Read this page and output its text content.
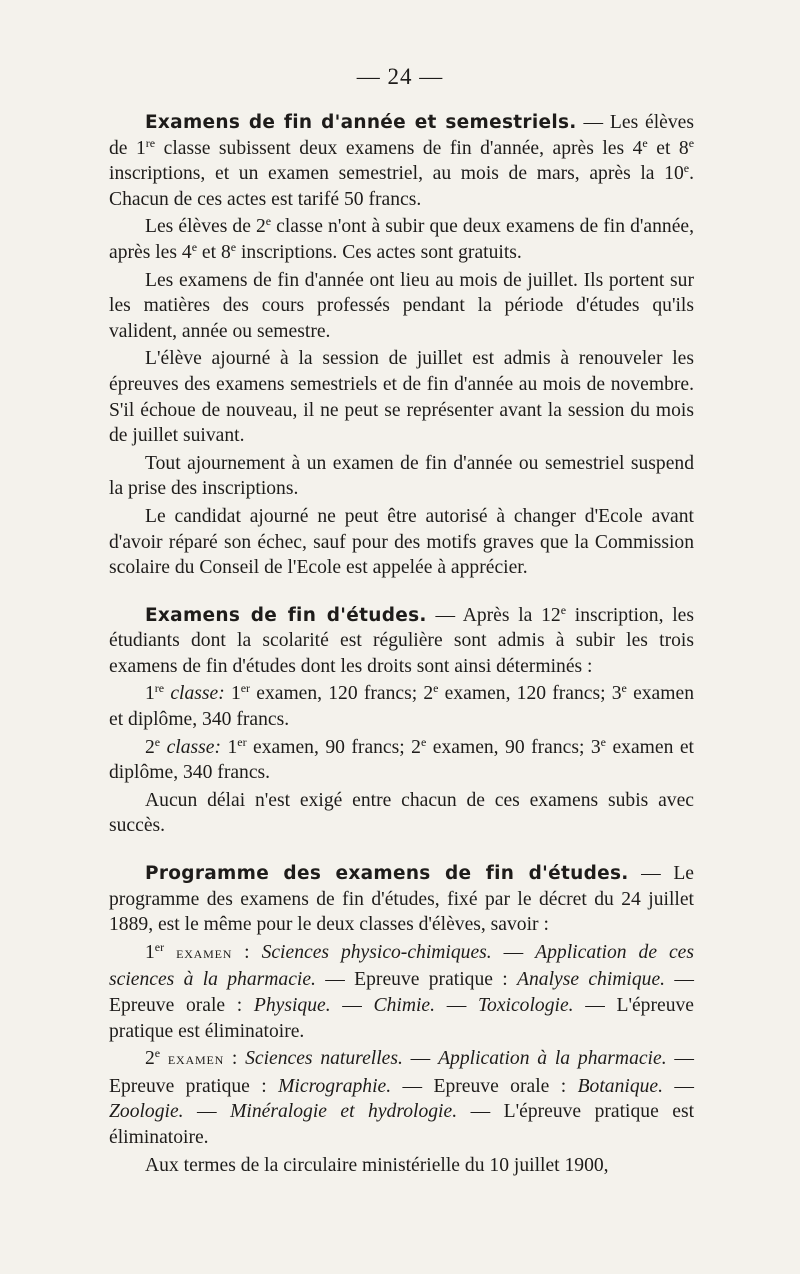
— 24 —

Examens de fin d'année et semestriels. — Les élèves de 1re classe subissent deux examens de fin d'année, après les 4e et 8e inscriptions, et un examen semestriel, au mois de mars, après la 10e. Chacun de ces actes est tarifé 50 francs.

Les élèves de 2e classe n'ont à subir que deux examens de fin d'année, après les 4e et 8e inscriptions. Ces actes sont gratuits.

Les examens de fin d'année ont lieu au mois de juillet. Ils portent sur les matières des cours professés pendant la période d'études qu'ils valident, année ou semestre.

L'élève ajourné à la session de juillet est admis à renouveler les épreuves des examens semestriels et de fin d'année au mois de novembre. S'il échoue de nouveau, il ne peut se représenter avant la session du mois de juillet suivant.

Tout ajournement à un examen de fin d'année ou semestriel suspend la prise des inscriptions.

Le candidat ajourné ne peut être autorisé à changer d'Ecole avant d'avoir réparé son échec, sauf pour des motifs graves que la Commission scolaire du Conseil de l'Ecole est appelée à apprécier.

Examens de fin d'études. — Après la 12e inscription, les étudiants dont la scolarité est régulière sont admis à subir les trois examens de fin d'études dont les droits sont ainsi déterminés :

1re classe: 1er examen, 120 francs; 2e examen, 120 francs; 3e examen et diplôme, 340 francs.

2e classe: 1er examen, 90 francs; 2e examen, 90 francs; 3e examen et diplôme, 340 francs.

Aucun délai n'est exigé entre chacun de ces examens subis avec succès.

Programme des examens de fin d'études. — Le programme des examens de fin d'études, fixé par le décret du 24 juillet 1889, est le même pour le deux classes d'élèves, savoir :

1er EXAMEN : Sciences physico-chimiques. — Application de ces sciences à la pharmacie. — Epreuve pratique : Analyse chimique. — Epreuve orale : Physique. — Chimie. — Toxicologie. — L'épreuve pratique est éliminatoire.

2e EXAMEN : Sciences naturelles. — Application à la pharmacie. — Epreuve pratique : Micrographie. — Epreuve orale : Botanique. — Zoologie. — Minéralogie et hydrologie. — L'épreuve pratique est éliminatoire.

Aux termes de la circulaire ministérielle du 10 juillet 1900,
